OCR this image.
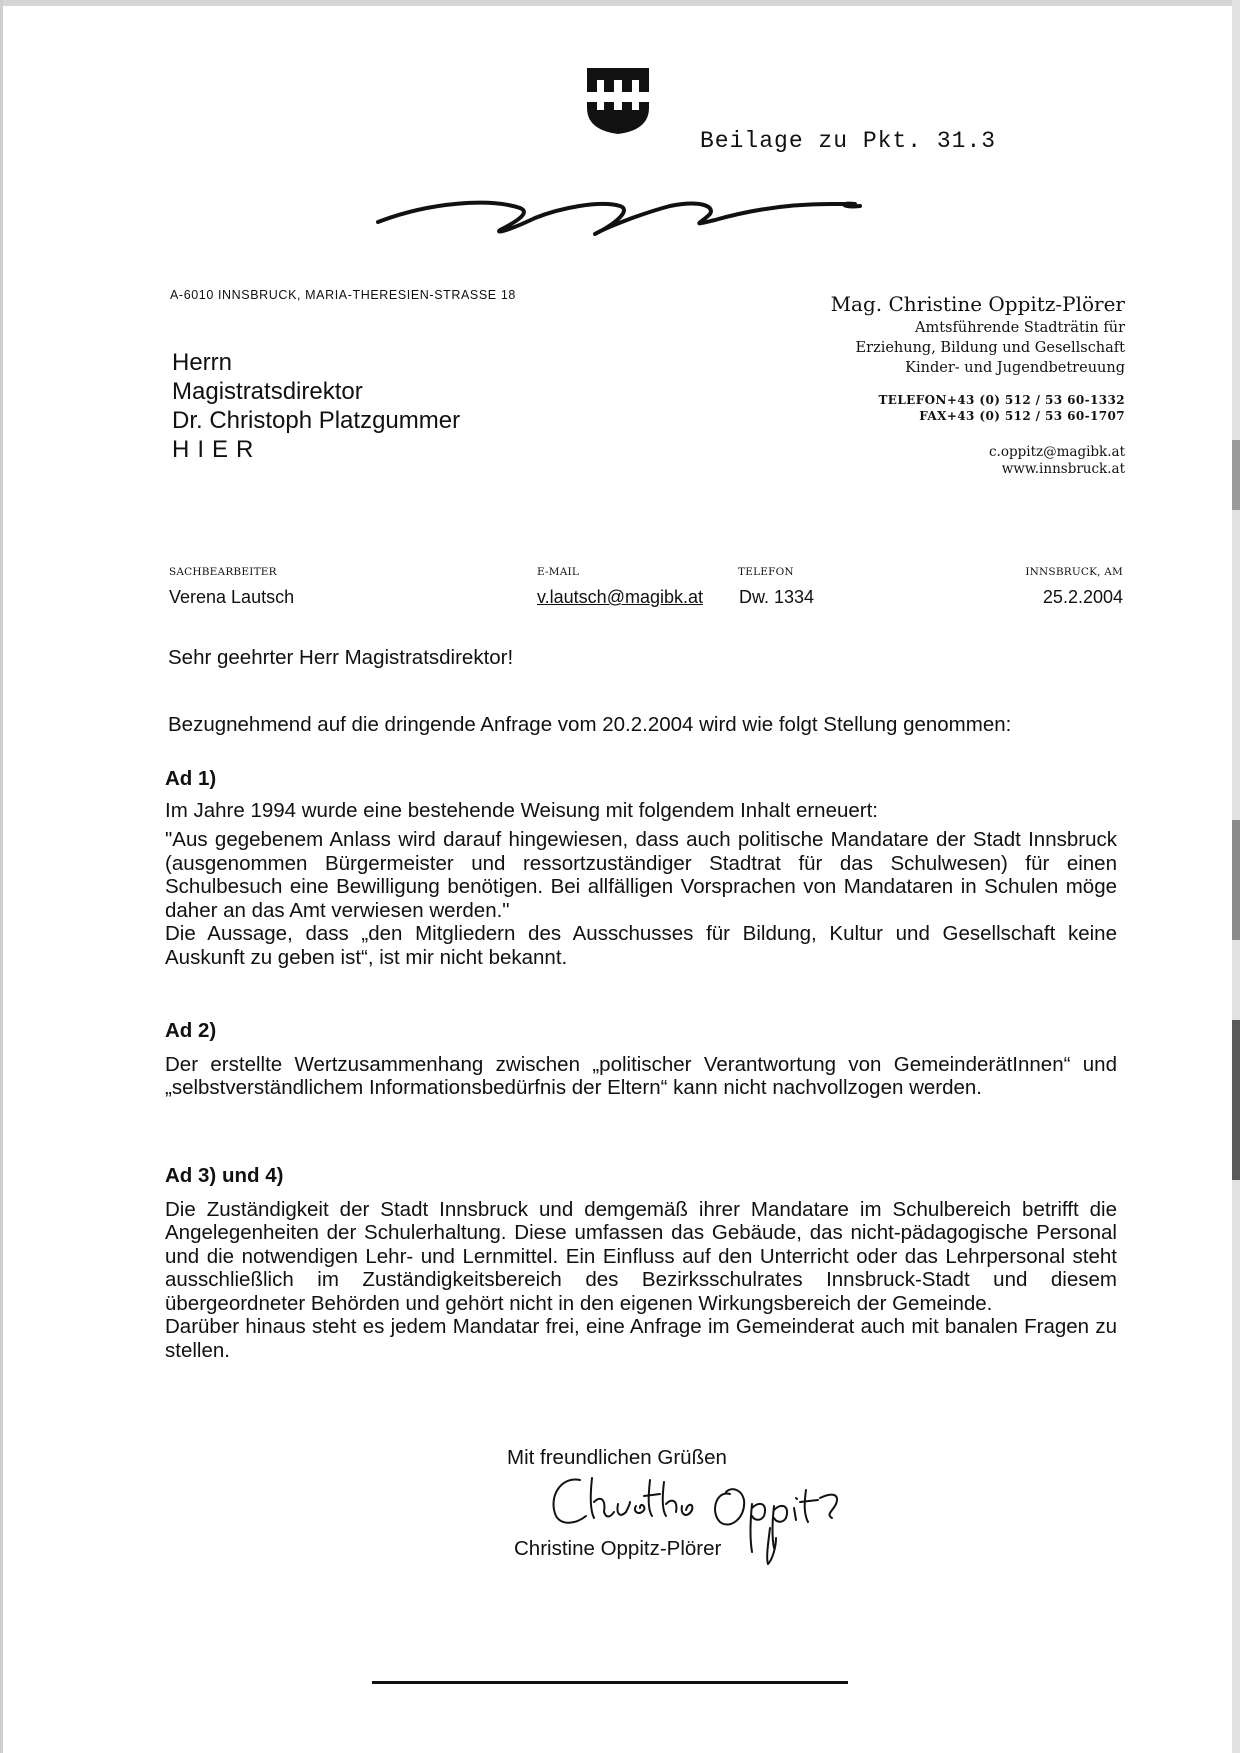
Beilage zu Pkt. 31.3
A-6010 INNSBRUCK, MARIA-THERESIEN-STRASSE 18
Herrn
Magistratsdirektor
Dr. Christoph Platzgummer
HIER
Mag. Christine Oppitz-Plörer
Amtsführende Stadträtin für
Erziehung, Bildung und Gesellschaft
Kinder- und Jugendbetreuung
TELEFON+43 (0) 512 / 53 60-1332
FAX+43 (0) 512 / 53 60-1707
c.oppitz@magibk.at
www.innsbruck.at
SACHBEARBEITER
Verena Lautsch
E-MAIL
v.lautsch@magibk.at
TELEFON
Dw. 1334
INNSBRUCK, AM
25.2.2004
Sehr geehrter Herr Magistratsdirektor!
Bezugnehmend auf die dringende Anfrage vom 20.2.2004 wird wie folgt Stellung genommen:
Ad 1)

Im Jahre 1994 wurde eine bestehende Weisung mit folgendem Inhalt erneuert:

"Aus gegebenem Anlass wird darauf hingewiesen, dass auch politische Mandatare der Stadt Innsbruck (ausgenommen Bürgermeister und ressortzuständiger Stadtrat für das Schulwesen) für einen Schulbesuch eine Bewilligung benötigen. Bei allfälligen Vorsprachen von Mandataren in Schulen möge daher an das Amt verwiesen werden."

Die Aussage, dass „den Mitgliedern des Ausschusses für Bildung, Kultur und Gesellschaft keine Auskunft zu geben ist“, ist mir nicht bekannt.

Ad 2)

Der erstellte Wertzusammenhang zwischen „politischer Verantwortung von GemeinderätInnen“ und „selbstverständlichem Informationsbedürfnis der Eltern“ kann nicht nachvollzogen werden.

Ad 3) und 4)

Die Zuständigkeit der Stadt Innsbruck und demgemäß ihrer Mandatare im Schulbereich betrifft die Angelegenheiten der Schulerhaltung. Diese umfassen das Gebäude, das nicht-pädagogische Personal und die notwendigen Lehr- und Lernmittel. Ein Einfluss auf den Unterricht oder das Lehrpersonal steht ausschließlich im Zuständigkeitsbereich des Bezirksschulrates Innsbruck-Stadt und diesem übergeordneter Behörden und gehört nicht in den eigenen Wirkungsbereich der Gemeinde.

Darüber hinaus steht es jedem Mandatar frei, eine Anfrage im Gemeinderat auch mit banalen Fragen zu stellen.

Mit freundlichen Grüßen
Christine Oppitz-Plörer
